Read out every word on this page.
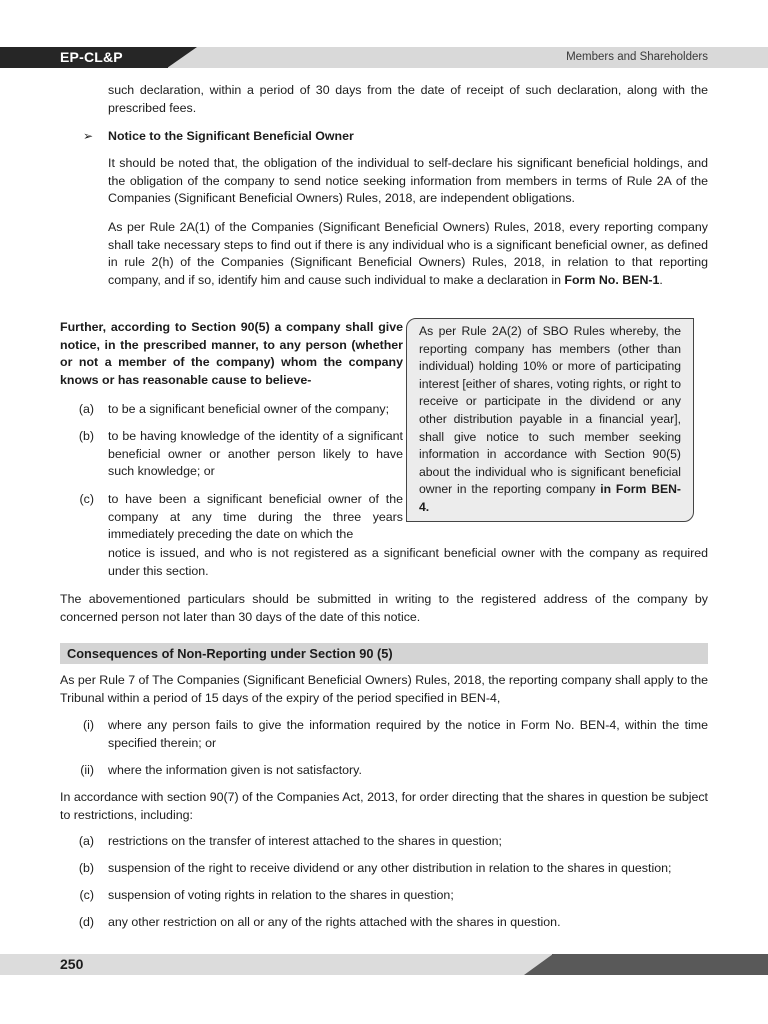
EP-CL&P	Members and Shareholders

such declaration, within a period of 30 days from the date of receipt of such declaration, along with the prescribed fees.

➢ Notice to the Significant Beneficial Owner

It should be noted that, the obligation of the individual to self-declare his significant beneficial holdings, and the obligation of the company to send notice seeking information from members in terms of Rule 2A of the Companies (Significant Beneficial Owners) Rules, 2018, are independent obligations.

As per Rule 2A(1) of the Companies (Significant Beneficial Owners) Rules, 2018, every reporting company shall take necessary steps to find out if there is any individual who is a significant beneficial owner, as defined in rule 2(h) of the Companies (Significant Beneficial Owners) Rules, 2018, in relation to that reporting company, and if so, identify him and cause such individual to make a declaration in Form No. BEN-1.

Further, according to Section 90(5) a company shall give notice, in the prescribed manner, to any person (whether or not a member of the company) whom the company knows or has reasonable cause to believe-

(a) to be a significant beneficial owner of the company;

(b) to be having knowledge of the identity of a significant beneficial owner or another person likely to have such knowledge; or

(c) to have been a significant beneficial owner of the company at any time during the three years immediately preceding the date on which the

notice is issued, and who is not registered as a significant beneficial owner with the company as required under this section.

As per Rule 2A(2) of SBO Rules whereby, the reporting company has members (other than individual) holding 10% or more of participating interest [either of shares, voting rights, or right to receive or participate in the dividend or any other distribution payable in a financial year], shall give notice to such member seeking information in accordance with Section 90(5) about the individual who is significant beneficial owner in the reporting company in Form BEN-4.

The abovementioned particulars should be submitted in writing to the registered address of the company by concerned person not later than 30 days of the date of this notice.

Consequences of Non-Reporting under Section 90 (5)

As per Rule 7 of The Companies (Significant Beneficial Owners) Rules, 2018, the reporting company shall apply to the Tribunal within a period of 15 days of the expiry of the period specified in BEN-4,

(i) where any person fails to give the information required by the notice in Form No. BEN-4, within the time specified therein; or

(ii) where the information given is not satisfactory.

In accordance with section 90(7) of the Companies Act, 2013, for order directing that the shares in question be subject to restrictions, including:

(a) restrictions on the transfer of interest attached to the shares in question;

(b) suspension of the right to receive dividend or any other distribution in relation to the shares in question;

(c) suspension of voting rights in relation to the shares in question;

(d) any other restriction on all or any of the rights attached with the shares in question.

250
